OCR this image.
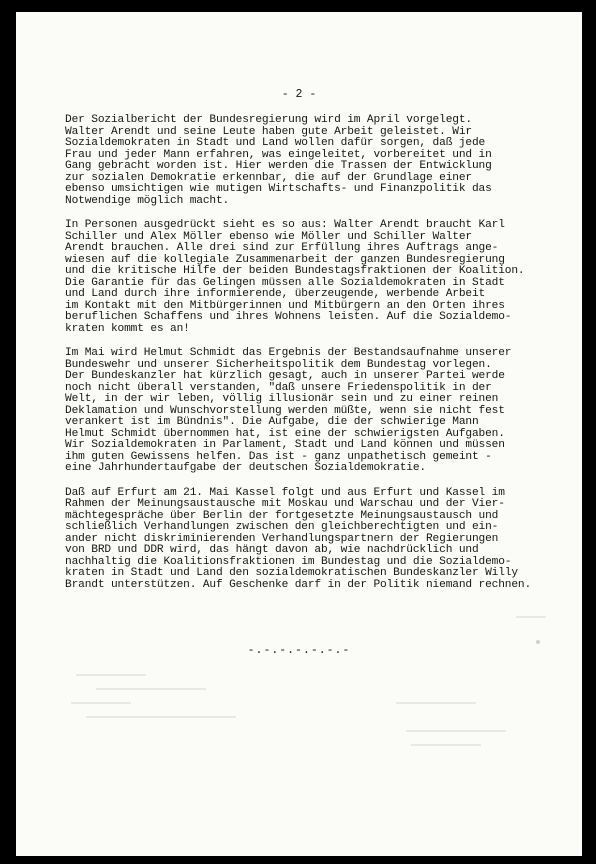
- 2 -
Der Sozialbericht der Bundesregierung wird im April vorgelegt.
Walter Arendt und seine Leute haben gute Arbeit geleistet. Wir
Sozialdemokraten in Stadt und Land wollen dafür sorgen, daß jede
Frau und jeder Mann erfahren, was eingeleitet, vorbereitet und in
Gang gebracht worden ist. Hier werden die Trassen der Entwicklung
zur sozialen Demokratie erkennbar, die auf der Grundlage einer
ebenso umsichtigen wie mutigen Wirtschafts- und Finanzpolitik das
Notwendige möglich macht.
In Personen ausgedrückt sieht es so aus: Walter Arendt braucht Karl
Schiller und Alex Möller ebenso wie Möller und Schiller Walter
Arendt brauchen. Alle drei sind zur Erfüllung ihres Auftrags ange-
wiesen auf die kollegiale Zusammenarbeit der ganzen Bundesregierung
und die kritische Hilfe der beiden Bundestagsfraktionen der Koalition.
Die Garantie für das Gelingen müssen alle Sozialdemokraten in Stadt
und Land durch ihre informierende, überzeugende, werbende Arbeit
im Kontakt mit den Mitbürgerinnen und Mitbürgern an den Orten ihres
beruflichen Schaffens und ihres Wohnens leisten. Auf die Sozialdemo-
kraten kommt es an!
Im Mai wird Helmut Schmidt das Ergebnis der Bestandsaufnahme unserer
Bundeswehr und unserer Sicherheitspolitik dem Bundestag vorlegen.
Der Bundeskanzler hat kürzlich gesagt, auch in unserer Partei werde
noch nicht überall verstanden, "daß unsere Friedenspolitik in der
Welt, in der wir leben, völlig illusionär sein und zu einer reinen
Deklamation und Wunschvorstellung werden müßte, wenn sie nicht fest
verankert ist im Bündnis". Die Aufgabe, die der schwierige Mann
Helmut Schmidt übernommen hat, ist eine der schwierigsten Aufgaben.
Wir Sozialdemokraten in Parlament, Stadt und Land können und müssen
ihm guten Gewissens helfen. Das ist - ganz unpathetisch gemeint -
eine Jahrhundertaufgabe der deutschen Sozialdemokratie.
Daß auf Erfurt am 21. Mai Kassel folgt und aus Erfurt und Kassel im
Rahmen der Meinungsaustausche mit Moskau und Warschau und der Vier-
mächtegespräche über Berlin der fortgesetzte Meinungsaustausch und
schließlich Verhandlungen zwischen den gleichberechtigten und ein-
ander nicht diskriminierenden Verhandlungspartnern der Regierungen
von BRD und DDR wird, das hängt davon ab, wie nachdrücklich und
nachhaltig die Koalitionsfraktionen im Bundestag und die Sozialdemo-
kraten in Stadt und Land den sozialdemokratischen Bundeskanzler Willy
Brandt unterstützen. Auf Geschenke darf in der Politik niemand rechnen.
-.-.-.-.-.-.-
